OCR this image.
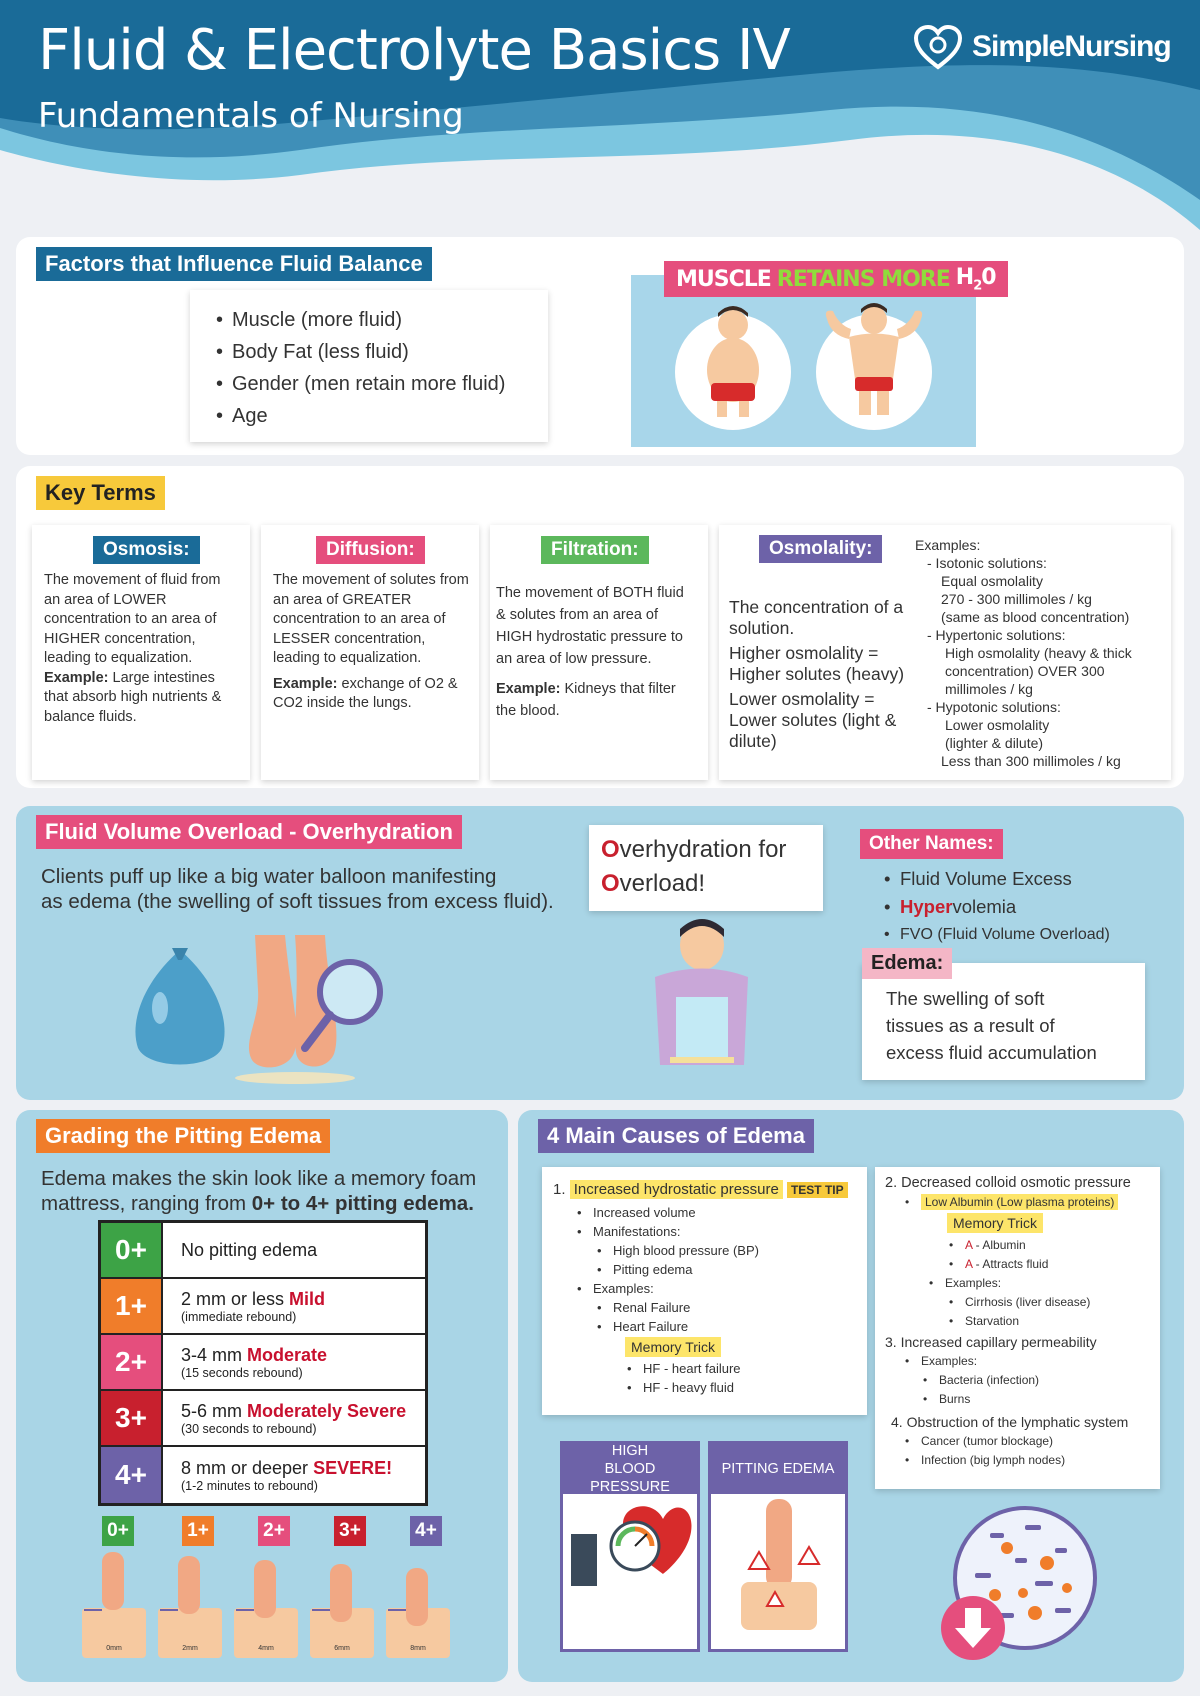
Fluid & Electrolyte Basics IV
Fundamentals of Nursing
SimpleNursing
Factors that Influence Fluid Balance
• Muscle (more fluid)
• Body Fat (less fluid)
• Gender (men retain more fluid)
• Age
MUSCLE RETAINS MORE $H_20$
Key Terms
Osmosis:
The movement of fluid from an area of LOWER concentration to an area of HIGHER concentration, leading to equalization.
Example: Large intestines that absorb high nutrients & balance fluids.
Diffusion:
The movement of solutes from an area of GREATER concentration to an area of LESSER concentration, leading to equalization.

Example: exchange of O2 & CO2 inside the lungs.
Filtration:
The movement of BOTH fluid & solutes from an area of HIGH hydrostatic pressure to an area of low pressure.

Example: Kidneys that filter the blood.
Osmolality:
The concentration of a solution.
Higher osmolality = Higher solutes (heavy)
Lower osmolality = Lower solutes (light & dilute)
Examples:
- Isotonic solutions:
Equal osmolality
270 - 300 millimoles / kg
(same as blood concentration)
- Hypertonic solutions:
High osmolality (heavy & thick
concentration) OVER 300
millimoles / kg
- Hypotonic solutions:
Lower osmolality
(lighter & dilute)
Less than 300 millimoles / kg
Fluid Volume Overload - Overhydration
Clients puff up like a big water balloon manifesting
as edema (the swelling of soft tissues from excess fluid).
Overhydration for
Overload!
Other Names:
• Fluid Volume Excess
• Hypervolemia
• FVO (Fluid Volume Overload)
Edema:
The swelling of soft
tissues as a result of
excess fluid accumulation
Grading the Pitting Edema
Edema makes the skin look like a memory foam
mattress, ranging from 0+ to 4+ pitting edema.
0+	No pitting edema
1+	2 mm or less Mild
(immediate rebound)
2+	3-4 mm Moderate
(15 seconds rebound)
3+	5-6 mm Moderately Severe
(30 seconds to rebound)
4+	8 mm or deeper SEVERE!
(1-2 minutes to rebound)
0+
0mm
1+
2mm
2+
4mm
3+
6mm
4+
8mm
4 Main Causes of Edema
1. Increased hydrostatic pressure TEST TIP
• Increased volume
• Manifestations:
• High blood pressure (BP)
• Pitting edema
• Examples:
• Renal Failure
• Heart Failure
Memory Trick
• HF - heart failure
• HF - heavy fluid
2. Decreased colloid osmotic pressure
• Low Albumin (Low plasma proteins)
Memory Trick
• A - Albumin
• A - Attracts fluid
• Examples:
• Cirrhosis (liver disease)
• Starvation
3. Increased capillary permeability
• Examples:
• Bacteria (infection)
• Burns
4. Obstruction of the lymphatic system
• Cancer (tumor blockage)
• Infection (big lymph nodes)
HIGH
BLOOD PRESSURE
PITTING EDEMA
